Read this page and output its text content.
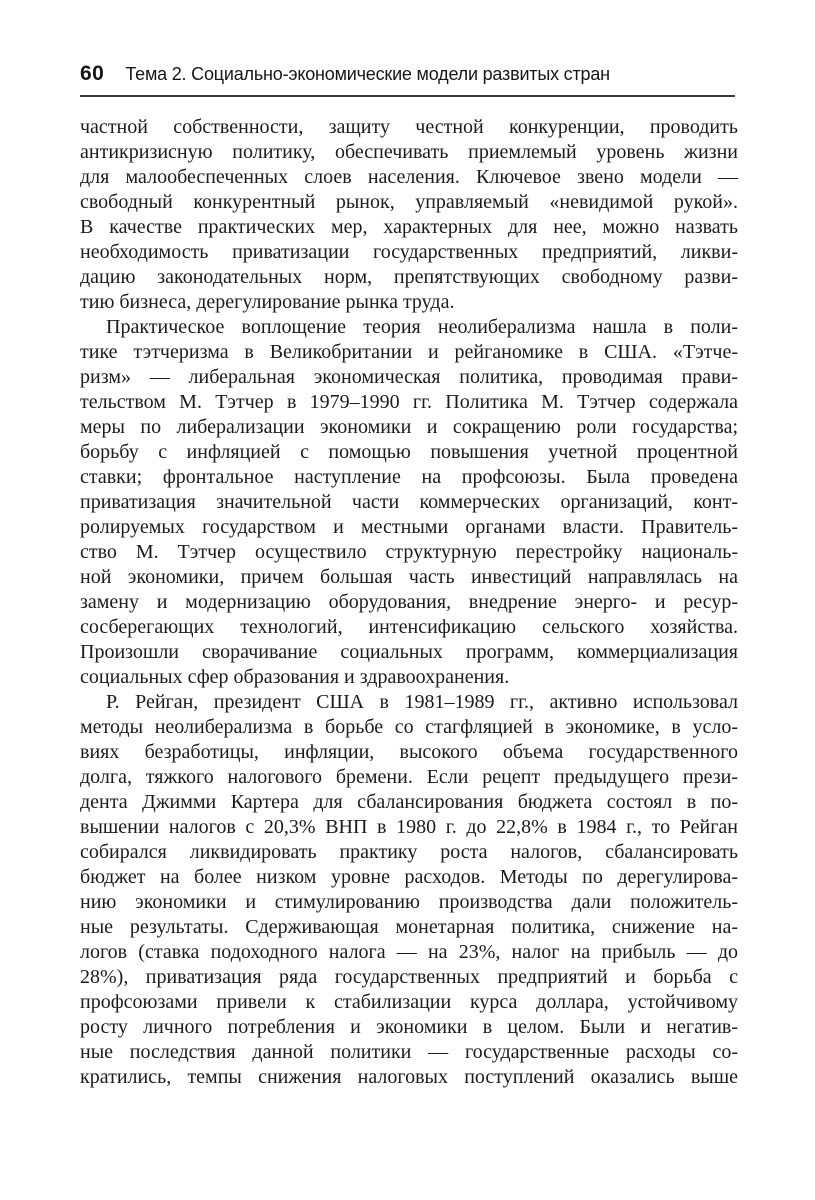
60 Тема 2. Социально-экономические модели развитых стран
частной собственности, защиту честной конкуренции, проводить
антикризисную политику, обеспечивать приемлемый уровень жизни
для малообеспеченных слоев населения. Ключевое звено модели —
свободный конкурентный рынок, управляемый «невидимой рукой».
В качестве практических мер, характерных для нее, можно назвать
необходимость приватизации государственных предприятий, ликви-
дацию законодательных норм, препятствующих свободному разви-
тию бизнеса, дерегулирование рынка труда.
Практическое воплощение теория неолиберализма нашла в поли-
тике тэтчеризма в Великобритании и рейганомике в США. «Тэтче-
ризм» — либеральная экономическая политика, проводимая прави-
тельством М. Тэтчер в 1979–1990 гг. Политика М. Тэтчер содержала
меры по либерализации экономики и сокращению роли государства;
борьбу с инфляцией с помощью повышения учетной процентной
ставки; фронтальное наступление на профсоюзы. Была проведена
приватизация значительной части коммерческих организаций, конт-
ролируемых государством и местными органами власти. Правитель-
ство М. Тэтчер осуществило структурную перестройку националь-
ной экономики, причем большая часть инвестиций направлялась на
замену и модернизацию оборудования, внедрение энерго- и ресур-
сосберегающих технологий, интенсификацию сельского хозяйства.
Произошли сворачивание социальных программ, коммерциализация
социальных сфер образования и здравоохранения.
Р. Рейган, президент США в 1981–1989 гг., активно использовал
методы неолиберализма в борьбе со стагфляцией в экономике, в усло-
виях безработицы, инфляции, высокого объема государственного
долга, тяжкого налогового бремени. Если рецепт предыдущего прези-
дента Джимми Картера для сбалансирования бюджета состоял в по-
вышении налогов с 20,3% ВНП в 1980 г. до 22,8% в 1984 г., то Рейган
собирался ликвидировать практику роста налогов, сбалансировать
бюджет на более низком уровне расходов. Методы по дерегулирова-
нию экономики и стимулированию производства дали положитель-
ные результаты. Сдерживающая монетарная политика, снижение на-
логов (ставка подоходного налога — на 23%, налог на прибыль — до
28%), приватизация ряда государственных предприятий и борьба с
профсоюзами привели к стабилизации курса доллара, устойчивому
росту личного потребления и экономики в целом. Были и негатив-
ные последствия данной политики — государственные расходы со-
кратились, темпы снижения налоговых поступлений оказались выше
